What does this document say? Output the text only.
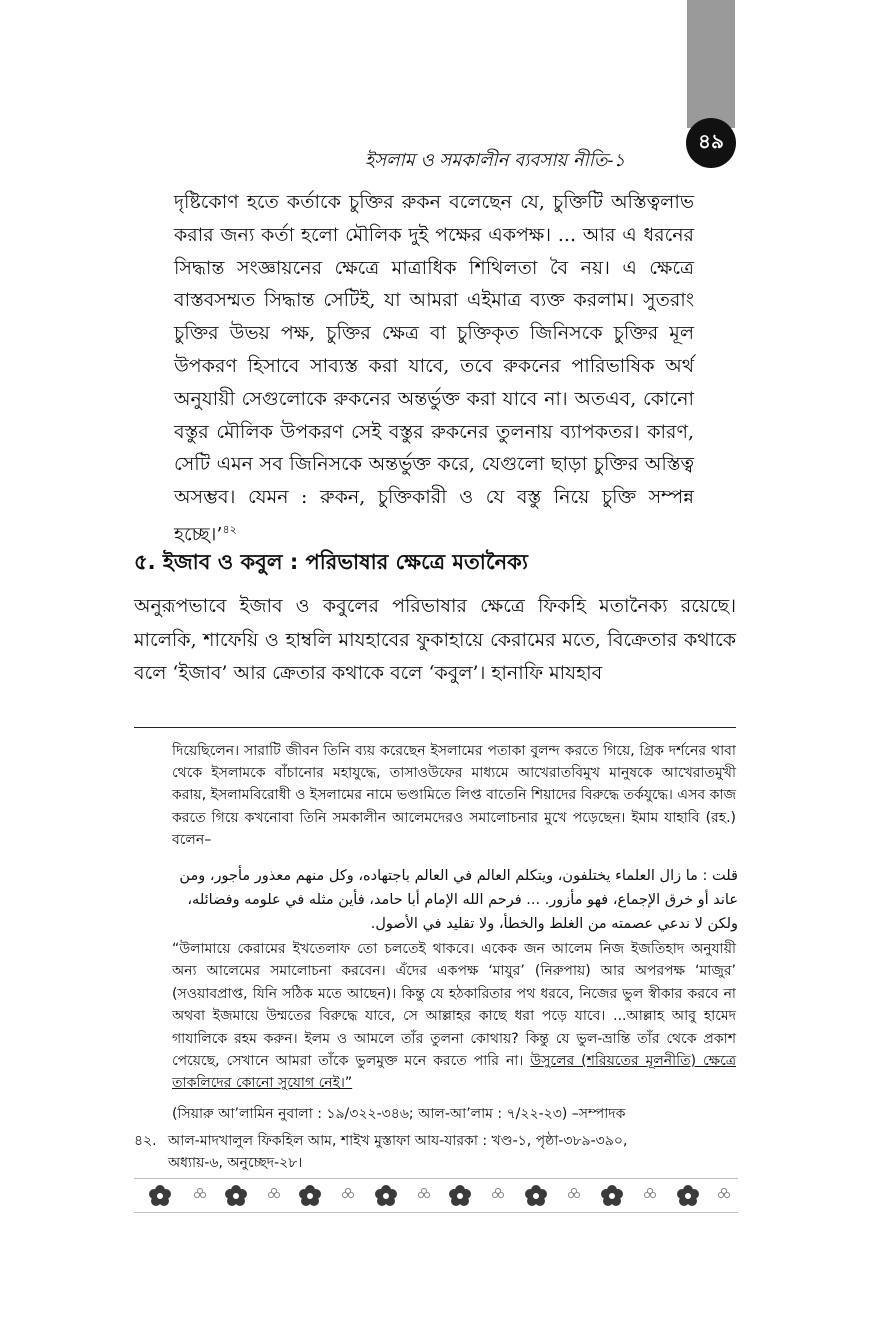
৪৯
ইসলাম ও সমকালীন ব্যবসায় নীতি-১
দৃষ্টিকোণ হতে কর্তাকে চুক্তির রুকন বলেছেন যে, চুক্তিটি অস্তিত্বলাভ করার জন্য কর্তা হলো মৌলিক দুই পক্ষের একপক্ষ। ... আর এ ধরনের সিদ্ধান্ত সংজ্ঞায়নের ক্ষেত্রে মাত্রাধিক শিথিলতা বৈ নয়। এ ক্ষেত্রে বাস্তবসম্মত সিদ্ধান্ত সেটিই, যা আমরা এইমাত্র ব্যক্ত করলাম। সুতরাং চুক্তির উভয় পক্ষ, চুক্তির ক্ষেত্র বা চুক্তিকৃত জিনিসকে চুক্তির মূল উপকরণ হিসাবে সাব্যস্ত করা যাবে, তবে রুকনের পারিভাষিক অর্থ অনুযায়ী সেগুলোকে রুকনের অন্তর্ভুক্ত করা যাবে না। অতএব, কোনো বস্তুর মৌলিক উপকরণ সেই বস্তুর রুকনের তুলনায় ব্যাপকতর। কারণ, সেটি এমন সব জিনিসকে অন্তর্ভুক্ত করে, যেগুলো ছাড়া চুক্তির অস্তিত্ব অসম্ভব। যেমন : রুকন, চুক্তিকারী ও যে বস্তু নিয়ে চুক্তি সম্পন্ন হচ্ছে।’$^{৪২}$
৫. ইজাব ও কবুল : পরিভাষার ক্ষেত্রে মতানৈক্য
অনুরূপভাবে ইজাব ও কবুলের পরিভাষার ক্ষেত্রে ফিকহি মতানৈক্য রয়েছে। মালেকি, শাফেয়ি ও হাম্বলি মাযহাবের ফুকাহায়ে কেরামের মতে, বিক্রেতার কথাকে বলে ‘ইজাব’ আর ক্রেতার কথাকে বলে ‘কবুল’। হানাফি মাযহাব
দিয়েছিলেন। সারাটি জীবন তিনি ব্যয় করেছেন ইসলামের পতাকা বুলন্দ করতে গিয়ে, গ্রিক দর্শনের থাবা থেকে ইসলামকে বাঁচানোর মহাযুদ্ধে, তাসাওউফের মাধ্যমে আখেরাতবিমুখ মানুষকে আখেরাতমুখী করায়, ইসলামবিরোধী ও ইসলামের নামে ভণ্ডামিতে লিপ্ত বাতেনি শিয়াদের বিরুদ্ধে তর্কযুদ্ধে। এসব কাজ করতে গিয়ে কখনোবা তিনি সমকালীন আলেমদেরও সমালোচনার মুখে পড়েছেন। ইমাম যাহাবি (রহ.) বলেন–
قلت : ما زال العلماء يختلفون، ويتكلم العالم في العالم باجتهاده، وكل منهم معذور مأجور، ومن عاند أو خرق الإجماع، فهو مأزور. ... فرحم الله الإمام أبا حامد، فأين مثله في علومه وفضائله، ولكن لا ندعي عصمته من الغلط والخطأ، ولا تقليد في الأصول.
“উলামায়ে কেরামের ইখতেলাফ তো চলতেই থাকবে। একেক জন আলেম নিজ ইজতিহাদ অনুযায়ী অন্য আলেমের সমালোচনা করবেন। এঁদের একপক্ষ ‘মাযুর’ (নিরুপায়) আর অপরপক্ষ ‘মাজুর’ (সওয়াবপ্রাপ্ত, যিনি সঠিক মতে আছেন)। কিন্তু যে হঠকারিতার পথ ধরবে, নিজের ভুল স্বীকার করবে না অথবা ইজমায়ে উম্মতের বিরুদ্ধে যাবে, সে আল্লাহর কাছে ধরা পড়ে যাবে। ...আল্লাহ আবু হামেদ গাযালিকে রহম করুন। ইলম ও আমলে তাঁর তুলনা কোথায়? কিন্তু যে ভুল-ভ্রান্তি তাঁর থেকে প্রকাশ পেয়েছে, সেখানে আমরা তাঁকে ভুলমুক্ত মনে করতে পারি না। উসুলের (শরিয়তের মূলনীতি) ক্ষেত্রে তাকলিদের কোনো সুযোগ নেই।”
(সিয়ারু আ’লামিন নুবালা : ১৯/৩২২-৩৪৬; আল-আ’লাম : ৭/২২-২৩) –সম্পাদক
৪২. আল-মাদখালুল ফিকহিল আম, শাইখ মুস্তাফা আয-যারকা : খণ্ড-১, পৃষ্ঠা-৩৮৯-৩৯০,
অধ্যায়-৬, অনুচ্ছেদ-২৮।
